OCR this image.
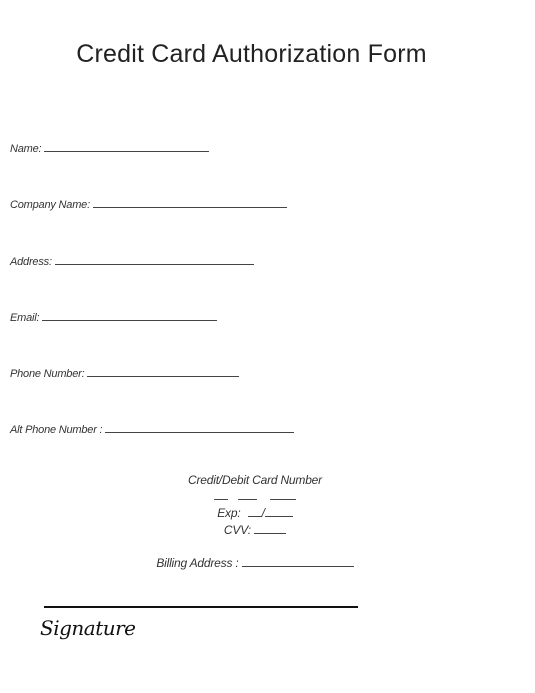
Credit Card Authorization Form
Name:
Company Name:
Address:
Email:
Phone Number:
Alt Phone Number :
Credit/Debit Card Number

Exp: /
CVV:
Billing Address :
Signature
